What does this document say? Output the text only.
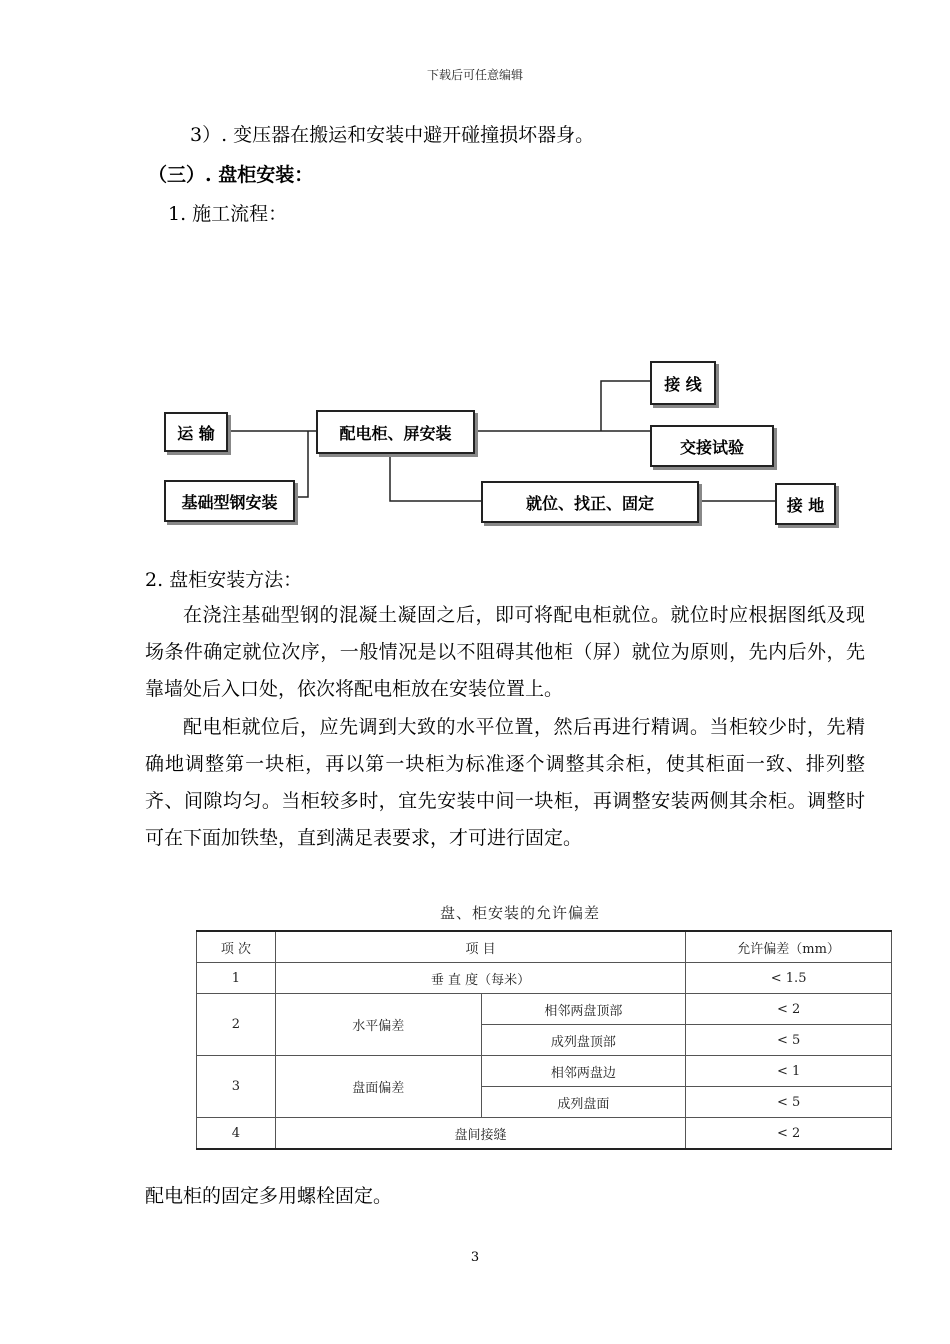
下载后可任意编辑
3）. 变压器在搬运和安装中避开碰撞损坏器身。
（三）. 盘柜安装：
1. 施工流程：
运 输
基础型钢安装
配电柜、屏安装
接 线
交接试验
就位、找正、固定	接 地
2. 盘柜安装方法：
在浇注基础型钢的混凝土凝固之后，即可将配电柜就位。就位时应根据图纸及现场条件确定就位次序，一般情况是以不阻碍其他柜（屏）就位为原则，先内后外，先靠墙处后入口处，依次将配电柜放在安装位置上。
配电柜就位后，应先调到大致的水平位置，然后再进行精调。当柜较少时，先精确地调整第一块柜，再以第一块柜为标准逐个调整其余柜，使其柜面一致、排列整齐、间隙均匀。当柜较多时，宜先安装中间一块柜，再调整安装两侧其余柜。调整时可在下面加铁垫，直到满足表要求，才可进行固定。
盘、柜安装的允许偏差
项 次	项 目		允许偏差（mm）
1	垂 直 度（每米）		< 1.5
2	水平偏差	相邻两盘顶部	< 2
		成列盘顶部	< 5
3	盘面偏差	相邻两盘边	< 1
		成列盘面	< 5
4	盘间接缝		< 2
配电柜的固定多用螺栓固定。
3
